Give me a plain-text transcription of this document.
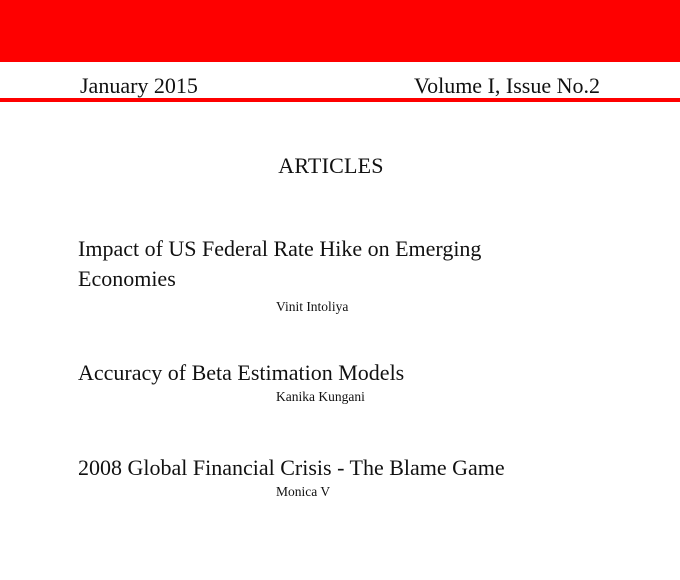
January 2015	Volume I, Issue No.2
ARTICLES

Impact of US Federal Rate Hike on Emerging
Economies

Vinit Intoliya

Accuracy of Beta Estimation Models

Kanika Kungani

2008 Global Financial Crisis - The Blame Game

Monica V
